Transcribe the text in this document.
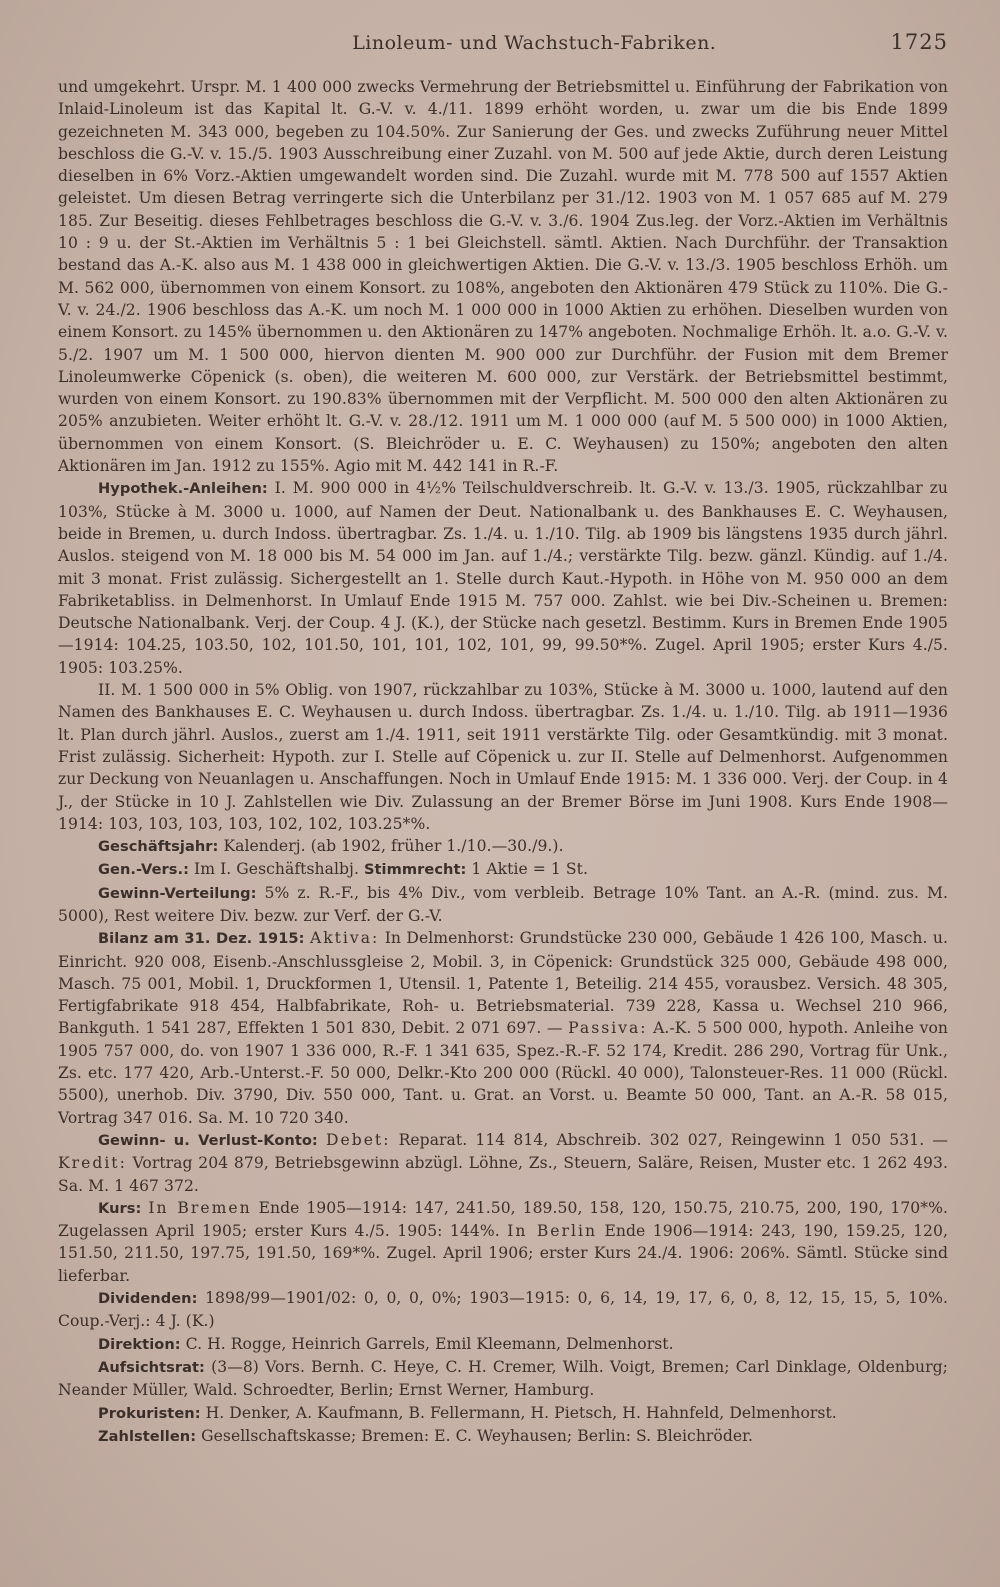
Linoleum- und Wachstuch-Fabriken.	1725

und umgekehrt. Urspr. M. 1 400 000 zwecks Vermehrung der Betriebsmittel u. Einführung der Fabrikation von Inlaid-Linoleum ist das Kapital lt. G.-V. v. 4./11. 1899 erhöht worden, u. zwar um die bis Ende 1899 gezeichneten M. 343 000, begeben zu 104.50%. Zur Sanierung der Ges. und zwecks Zuführung neuer Mittel beschloss die G.-V. v. 15./5. 1903 Ausschreibung einer Zuzahl. von M. 500 auf jede Aktie, durch deren Leistung dieselben in 6% Vorz.-Aktien umgewandelt worden sind. Die Zuzahl. wurde mit M. 778 500 auf 1557 Aktien geleistet. Um diesen Betrag verringerte sich die Unterbilanz per 31./12. 1903 von M. 1 057 685 auf M. 279 185. Zur Beseitig. dieses Fehlbetrages beschloss die G.-V. v. 3./6. 1904 Zus.leg. der Vorz.-Aktien im Verhältnis 10 : 9 u. der St.-Aktien im Verhältnis 5 : 1 bei Gleichstell. sämtl. Aktien. Nach Durchführ. der Transaktion bestand das A.-K. also aus M. 1 438 000 in gleichwertigen Aktien. Die G.-V. v. 13./3. 1905 beschloss Erhöh. um M. 562 000, übernommen von einem Konsort. zu 108%, angeboten den Aktionären 479 Stück zu 110%. Die G.-V. v. 24./2. 1906 beschloss das A.-K. um noch M. 1 000 000 in 1000 Aktien zu erhöhen. Dieselben wurden von einem Konsort. zu 145% übernommen u. den Aktionären zu 147% angeboten. Nochmalige Erhöh. lt. a.o. G.-V. v. 5./2. 1907 um M. 1 500 000, hiervon dienten M. 900 000 zur Durchführ. der Fusion mit dem Bremer Linoleumwerke Cöpenick (s. oben), die weiteren M. 600 000, zur Verstärk. der Betriebsmittel bestimmt, wurden von einem Konsort. zu 190.83% übernommen mit der Verpflicht. M. 500 000 den alten Aktionären zu 205% anzubieten. Weiter erhöht lt. G.-V. v. 28./12. 1911 um M. 1 000 000 (auf M. 5 500 000) in 1000 Aktien, übernommen von einem Konsort. (S. Bleichröder u. E. C. Weyhausen) zu 150%; angeboten den alten Aktionären im Jan. 1912 zu 155%. Agio mit M. 442 141 in R.-F.

Hypothek.-Anleihen: I. M. 900 000 in 4½% Teilschuldverschreib. lt. G.-V. v. 13./3. 1905, rückzahlbar zu 103%, Stücke à M. 3000 u. 1000, auf Namen der Deut. Nationalbank u. des Bankhauses E. C. Weyhausen, beide in Bremen, u. durch Indoss. übertragbar. Zs. 1./4. u. 1./10. Tilg. ab 1909 bis längstens 1935 durch jährl. Auslos. steigend von M. 18 000 bis M. 54 000 im Jan. auf 1./4.; verstärkte Tilg. bezw. gänzl. Kündig. auf 1./4. mit 3 monat. Frist zulässig. Sichergestellt an 1. Stelle durch Kaut.-Hypoth. in Höhe von M. 950 000 an dem Fabriketabliss. in Delmenhorst. In Umlauf Ende 1915 M. 757 000. Zahlst. wie bei Div.-Scheinen u. Bremen: Deutsche Nationalbank. Verj. der Coup. 4 J. (K.), der Stücke nach gesetzl. Bestimm. Kurs in Bremen Ende 1905—1914: 104.25, 103.50, 102, 101.50, 101, 101, 102, 101, 99, 99.50*%. Zugel. April 1905; erster Kurs 4./5. 1905: 103.25%.

II. M. 1 500 000 in 5% Oblig. von 1907, rückzahlbar zu 103%, Stücke à M. 3000 u. 1000, lautend auf den Namen des Bankhauses E. C. Weyhausen u. durch Indoss. übertragbar. Zs. 1./4. u. 1./10. Tilg. ab 1911—1936 lt. Plan durch jährl. Auslos., zuerst am 1./4. 1911, seit 1911 verstärkte Tilg. oder Gesamtkündig. mit 3 monat. Frist zulässig. Sicherheit: Hypoth. zur I. Stelle auf Cöpenick u. zur II. Stelle auf Delmenhorst. Aufgenommen zur Deckung von Neuanlagen u. Anschaffungen. Noch in Umlauf Ende 1915: M. 1 336 000. Verj. der Coup. in 4 J., der Stücke in 10 J. Zahlstellen wie Div. Zulassung an der Bremer Börse im Juni 1908. Kurs Ende 1908—1914: 103, 103, 103, 103, 102, 102, 103.25*%.

Geschäftsjahr: Kalenderj. (ab 1902, früher 1./10.—30./9.).

Gen.-Vers.: Im I. Geschäftshalbj. Stimmrecht: 1 Aktie = 1 St.

Gewinn-Verteilung: 5% z. R.-F., bis 4% Div., vom verbleib. Betrage 10% Tant. an A.-R. (mind. zus. M. 5000), Rest weitere Div. bezw. zur Verf. der G.-V.

Bilanz am 31. Dez. 1915: Aktiva: In Delmenhorst: Grundstücke 230 000, Gebäude 1 426 100, Masch. u. Einricht. 920 008, Eisenb.-Anschlussgleise 2, Mobil. 3, in Cöpenick: Grundstück 325 000, Gebäude 498 000, Masch. 75 001, Mobil. 1, Druckformen 1, Utensil. 1, Patente 1, Beteilig. 214 455, vorausbez. Versich. 48 305, Fertigfabrikate 918 454, Halbfabrikate, Roh- u. Betriebsmaterial. 739 228, Kassa u. Wechsel 210 966, Bankguth. 1 541 287, Effekten 1 501 830, Debit. 2 071 697. — Passiva: A.-K. 5 500 000, hypoth. Anleihe von 1905 757 000, do. von 1907 1 336 000, R.-F. 1 341 635, Spez.-R.-F. 52 174, Kredit. 286 290, Vortrag für Unk., Zs. etc. 177 420, Arb.-Unterst.-F. 50 000, Delkr.-Kto 200 000 (Rückl. 40 000), Talonsteuer-Res. 11 000 (Rückl. 5500), unerhob. Div. 3790, Div. 550 000, Tant. u. Grat. an Vorst. u. Beamte 50 000, Tant. an A.-R. 58 015, Vortrag 347 016. Sa. M. 10 720 340.

Gewinn- u. Verlust-Konto: Debet: Reparat. 114 814, Abschreib. 302 027, Reingewinn 1 050 531. — Kredit: Vortrag 204 879, Betriebsgewinn abzügl. Löhne, Zs., Steuern, Saläre, Reisen, Muster etc. 1 262 493. Sa. M. 1 467 372.

Kurs: In Bremen Ende 1905—1914: 147, 241.50, 189.50, 158, 120, 150.75, 210.75, 200, 190, 170*%. Zugelassen April 1905; erster Kurs 4./5. 1905: 144%. In Berlin Ende 1906—1914: 243, 190, 159.25, 120, 151.50, 211.50, 197.75, 191.50, 169*%. Zugel. April 1906; erster Kurs 24./4. 1906: 206%. Sämtl. Stücke sind lieferbar.

Dividenden: 1898/99—1901/02: 0, 0, 0, 0%; 1903—1915: 0, 6, 14, 19, 17, 6, 0, 8, 12, 15, 15, 5, 10%. Coup.-Verj.: 4 J. (K.)

Direktion: C. H. Rogge, Heinrich Garrels, Emil Kleemann, Delmenhorst.

Aufsichtsrat: (3—8) Vors. Bernh. C. Heye, C. H. Cremer, Wilh. Voigt, Bremen; Carl Dinklage, Oldenburg; Neander Müller, Wald. Schroedter, Berlin; Ernst Werner, Hamburg.

Prokuristen: H. Denker, A. Kaufmann, B. Fellermann, H. Pietsch, H. Hahnfeld, Delmenhorst.

Zahlstellen: Gesellschaftskasse; Bremen: E. C. Weyhausen; Berlin: S. Bleichröder.
